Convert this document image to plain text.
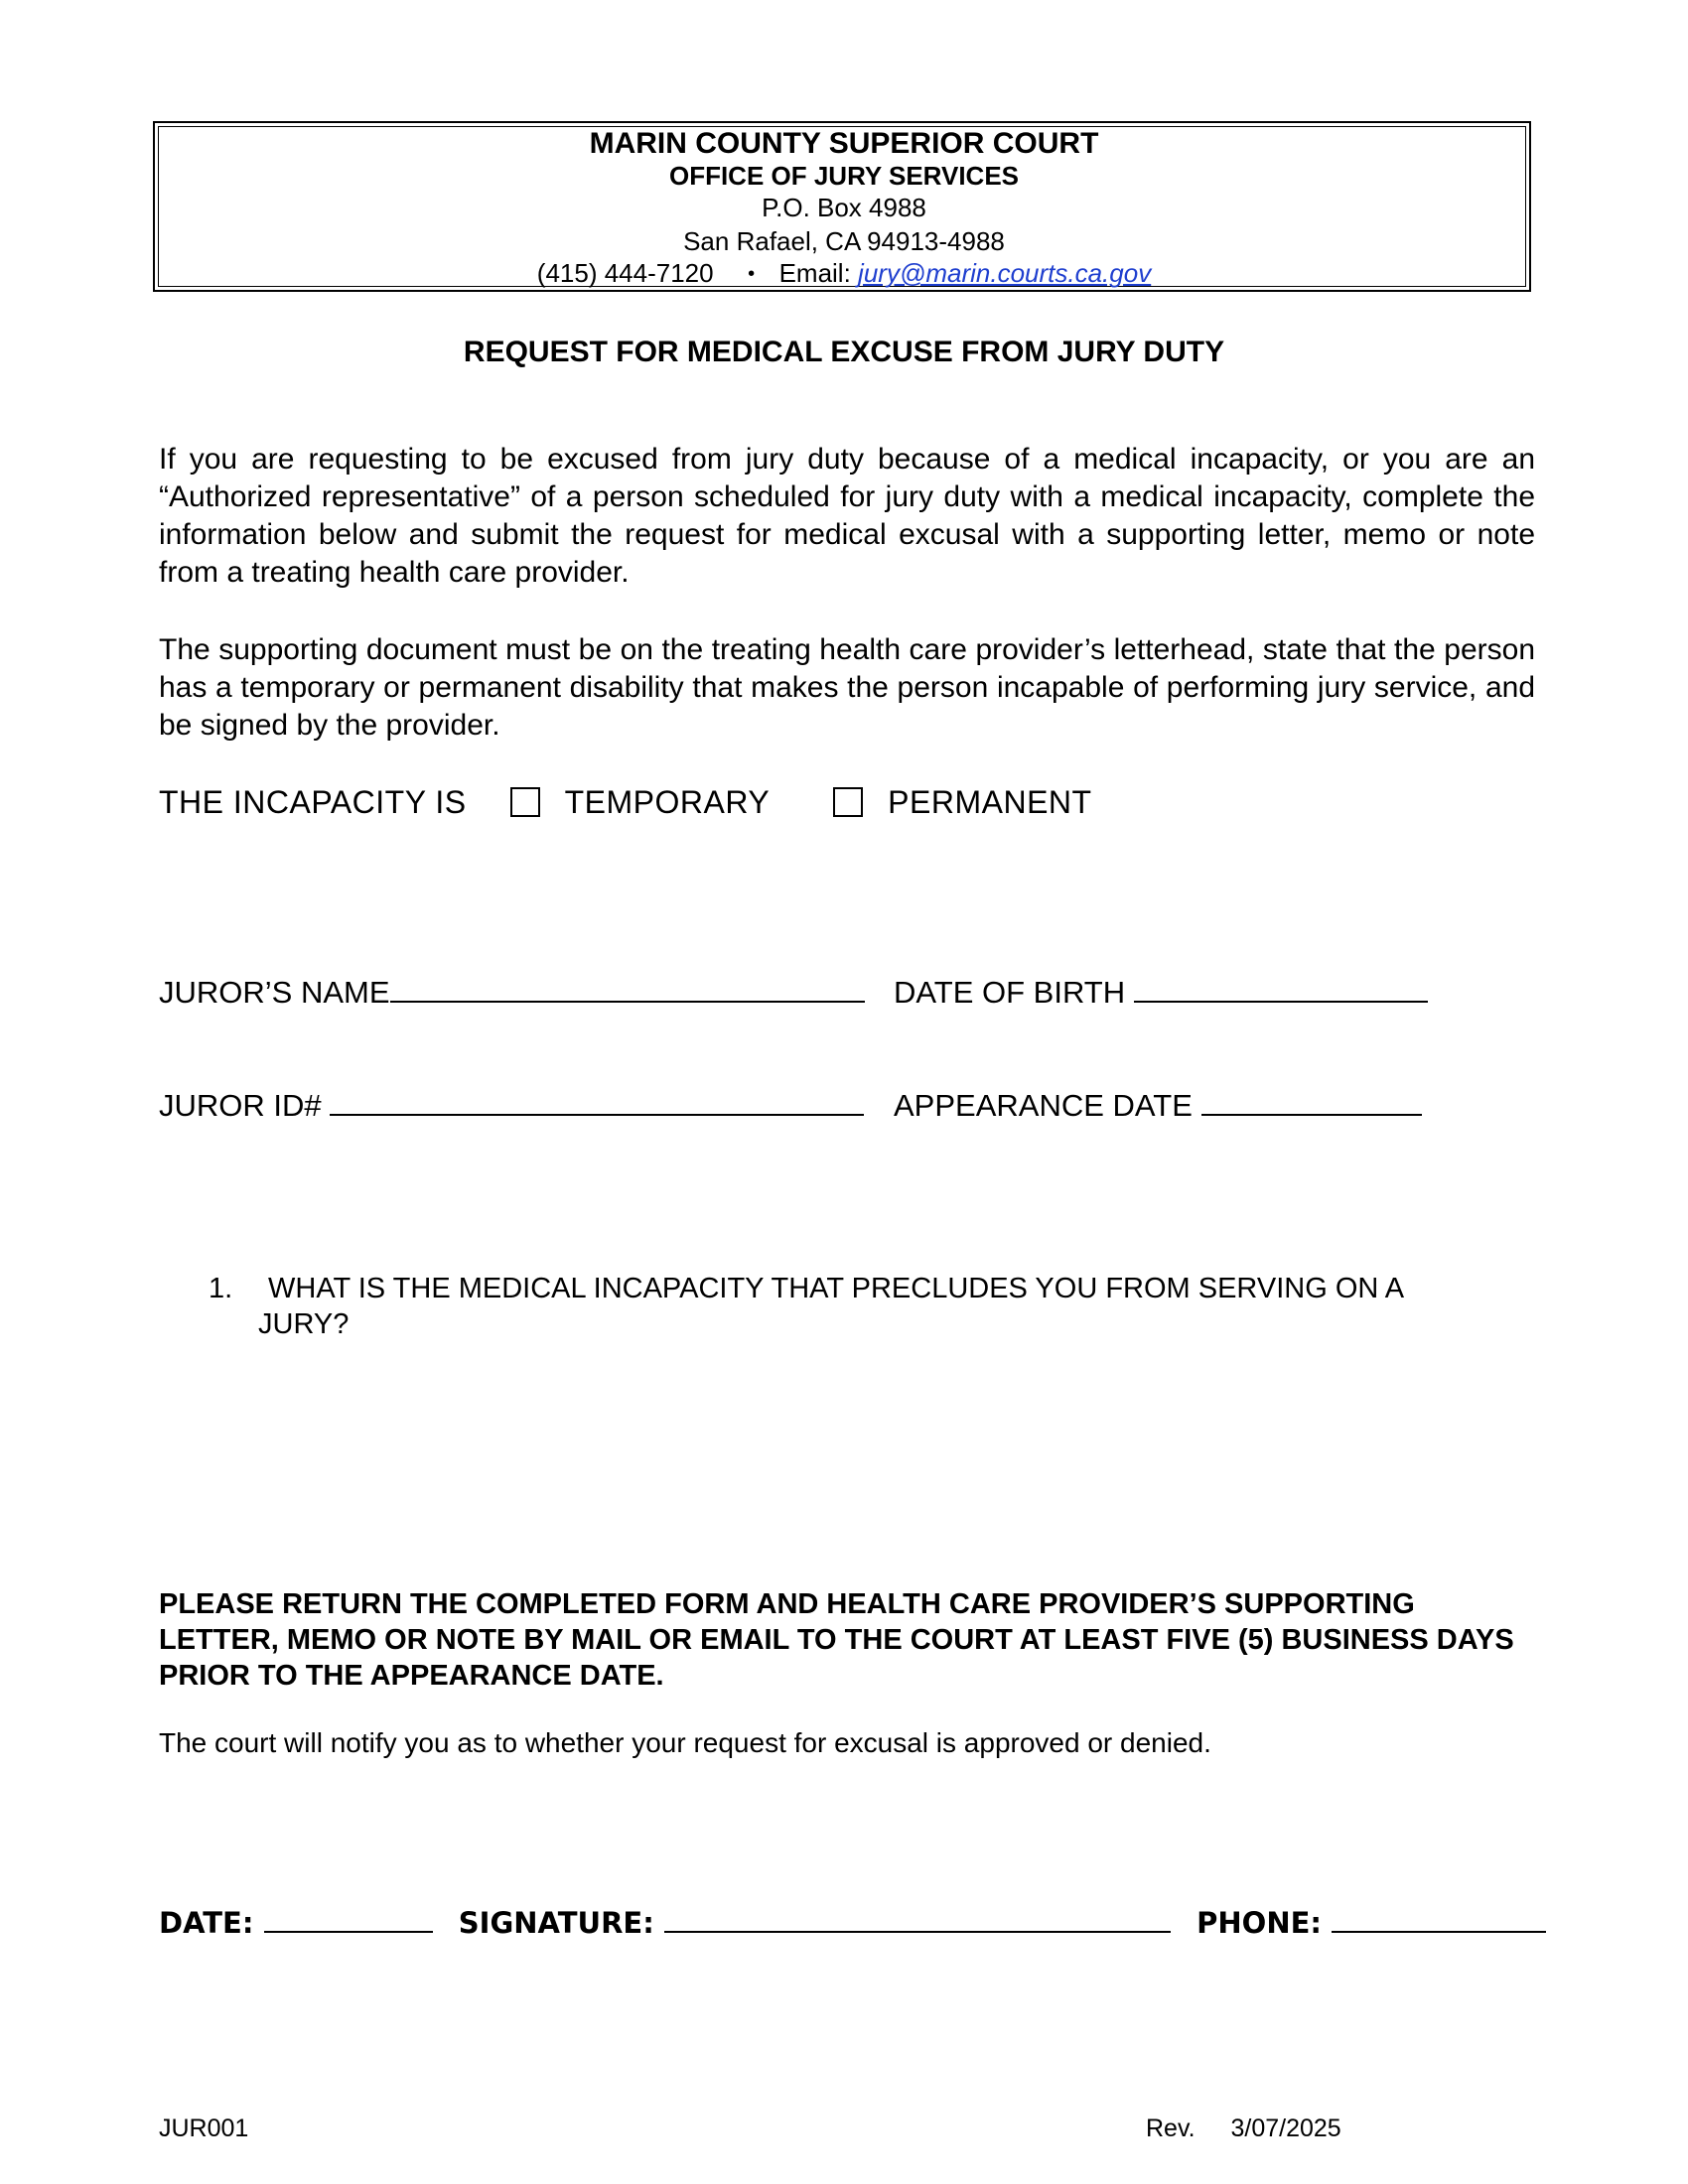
MARIN COUNTY SUPERIOR COURT
OFFICE OF JURY SERVICES
P.O. Box 4988
San Rafael, CA 94913-4988
(415) 444-7120 • Email: jury@marin.courts.ca.gov
REQUEST FOR MEDICAL EXCUSE FROM JURY DUTY
If you are requesting to be excused from jury duty because of a medical incapacity, or you are an “Authorized representative” of a person scheduled for jury duty with a medical incapacity, complete the information below and submit the request for medical excusal with a supporting letter, memo or note from a treating health care provider.
The supporting document must be on the treating health care provider’s letterhead, state that the person has a temporary or permanent disability that makes the person incapable of performing jury service, and be signed by the provider.
THE INCAPACITY IS	TEMPORARY	PERMANENT
JUROR’S NAME	DATE OF BIRTH
JUROR ID#	APPEARANCE DATE
1. WHAT IS THE MEDICAL INCAPACITY THAT PRECLUDES YOU FROM SERVING ON A
JURY?
PLEASE RETURN THE COMPLETED FORM AND HEALTH CARE PROVIDER’S SUPPORTING LETTER, MEMO OR NOTE BY MAIL OR EMAIL TO THE COURT AT LEAST FIVE (5) BUSINESS DAYS PRIOR TO THE APPEARANCE DATE.
The court will notify you as to whether your request for excusal is approved or denied.
DATE:	SIGNATURE:	PHONE:
JUR001	Rev. 3/07/2025
